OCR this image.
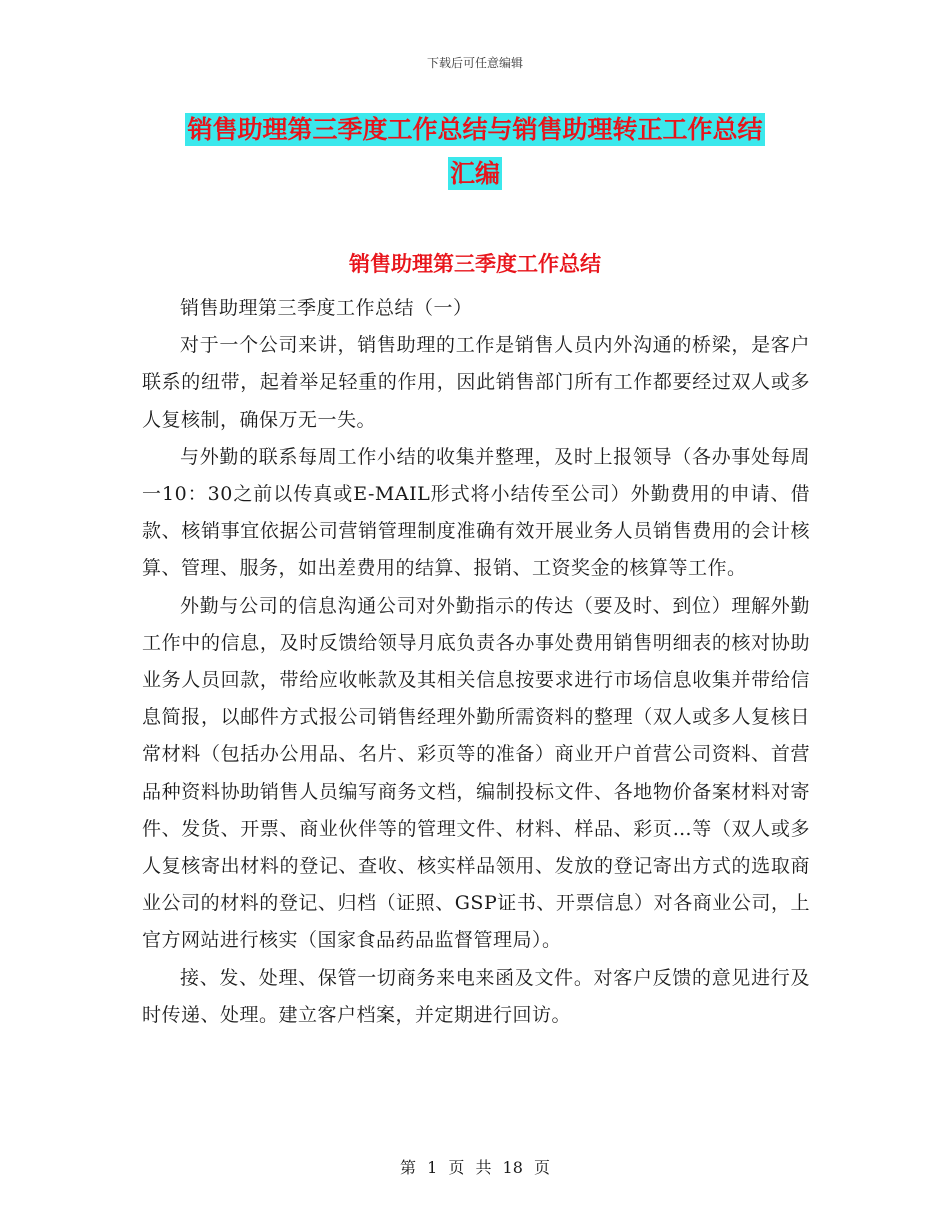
下载后可任意编辑
销售助理第三季度工作总结与销售助理转正工作总结
汇编
销售助理第三季度工作总结

销售助理第三季度工作总结（一）

对于一个公司来讲，销售助理的工作是销售人员内外沟通的桥梁，是客户联系的纽带，起着举足轻重的作用，因此销售部门所有工作都要经过双人或多人复核制，确保万无一失。

与外勤的联系每周工作小结的收集并整理，及时上报领导（各办事处每周一10：30之前以传真或E-MAIL形式将小结传至公司）外勤费用的申请、借款、核销事宜依据公司营销管理制度准确有效开展业务人员销售费用的会计核算、管理、服务，如出差费用的结算、报销、工资奖金的核算等工作。

外勤与公司的信息沟通公司对外勤指示的传达（要及时、到位）理解外勤工作中的信息，及时反馈给领导月底负责各办事处费用销售明细表的核对协助业务人员回款，带给应收帐款及其相关信息按要求进行市场信息收集并带给信息简报，以邮件方式报公司销售经理外勤所需资料的整理（双人或多人复核日常材料（包括办公用品、名片、彩页等的准备）商业开户首营公司资料、首营品种资料协助销售人员编写商务文档，编制投标文件、各地物价备案材料对寄件、发货、开票、商业伙伴等的管理文件、材料、样品、彩页…等（双人或多人复核寄出材料的登记、查收、核实样品领用、发放的登记寄出方式的选取商业公司的材料的登记、归档（证照、GSP证书、开票信息）对各商业公司，上官方网站进行核实（国家食品药品监督管理局）。

接、发、处理、保管一切商务来电来函及文件。对客户反馈的意见进行及时传递、处理。建立客户档案，并定期进行回访。

第 1 页 共 18 页
